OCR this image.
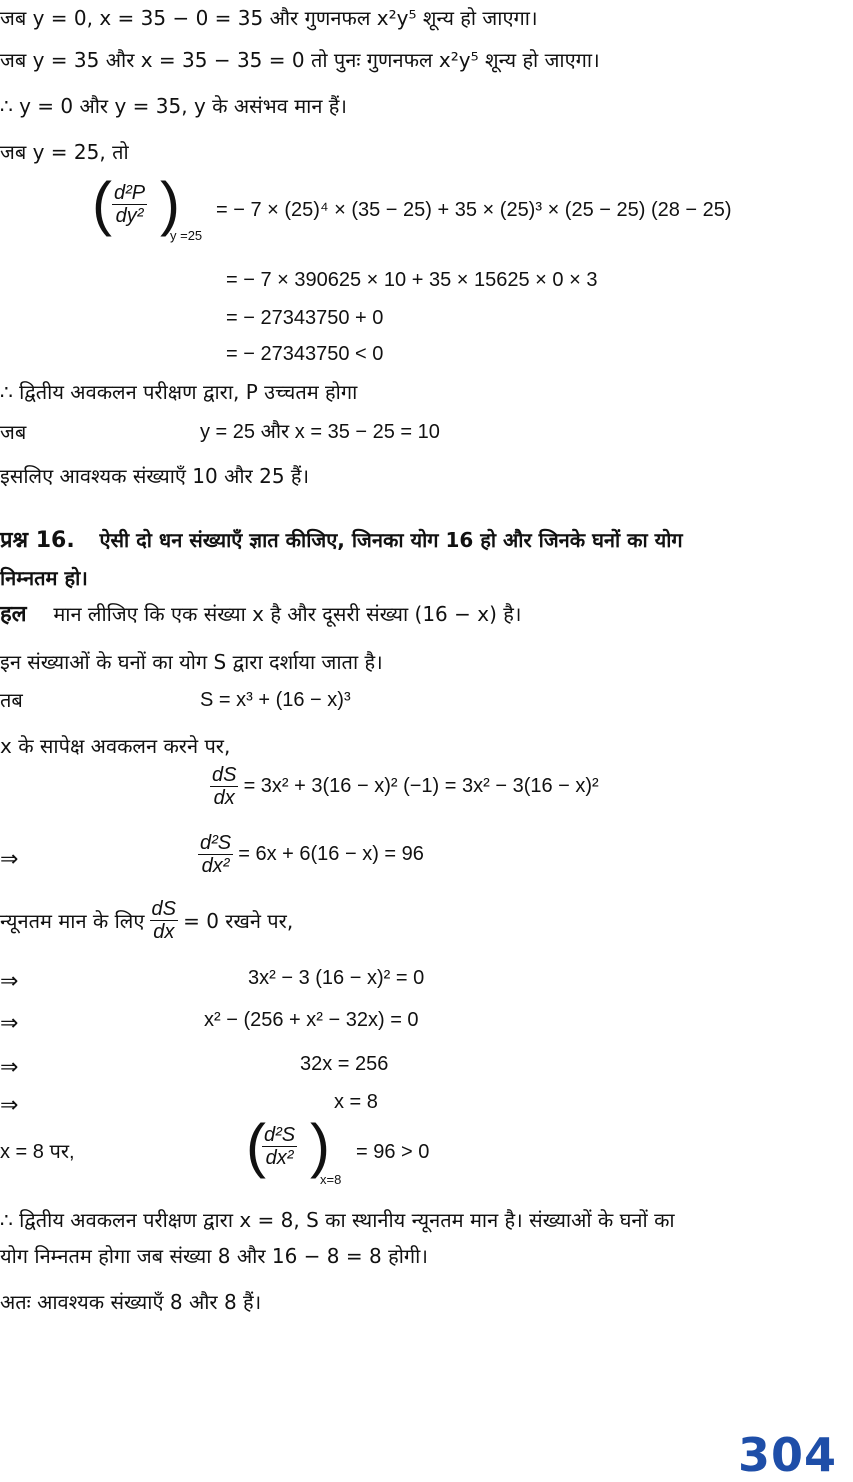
जब y = 0, x = 35 − 0 = 35 और गुणनफल x²y⁵ शून्य हो जाएगा।
जब y = 35 और x = 35 − 35 = 0 तो पुनः गुणनफल x²y⁵ शून्य हो जाएगा।
∴ y = 0 और y = 35, y के असंभव मान हैं।
जब y = 25, तो
( $\frac{\text{d²P}}{\text{dy²}}$ )
y =25
= − 7 × (25)⁴ × (35 − 25) + 35 × (25)³ × (25 − 25) (28 − 25)
= − 7 × 390625 × 10 + 35 × 15625 × 0 × 3
= − 27343750 + 0
= − 27343750 < 0
∴ द्वितीय अवकलन परीक्षण द्वारा, P उच्चतम होगा
जब	y = 25 और x = 35 − 25 = 10
इसलिए आवश्यक संख्याएँ 10 और 25 हैं।
प्रश्न 16. ऐसी दो धन संख्याएँ ज्ञात कीजिए, जिनका योग 16 हो और जिनके घनों का योग
निम्नतम हो।
हल मान लीजिए कि एक संख्या x है और दूसरी संख्या (16 − x) है।
इन संख्याओं के घनों का योग S द्वारा दर्शाया जाता है।
तब	S = x³ + (16 − x)³
x के सापेक्ष अवकलन करने पर,
$\frac{dS}{dx} = 3x^2 + 3(16 - x)^2$ (−1) = 3x² − 3(16 − x)²
⇒	$\frac{\text{d²S}}{\text{dx²}} = 6x + 6(16 - x) = 96$
न्यूनतम मान के लिए $\frac{dS}{dx} = 0$ रखने पर,
⇒	3x² − 3 (16 − x)² = 0
⇒	x² − (256 + x² − 32x) = 0
⇒	32x = 256
⇒	x = 8
x = 8 पर,	(
$\frac{\text{d²S}}{\text{dx²}}$ )
x=8
= 96 > 0
∴ द्वितीय अवकलन परीक्षण द्वारा x = 8, S का स्थानीय न्यूनतम मान है। संख्याओं के घनों का
योग निम्नतम होगा जब संख्या 8 और 16 − 8 = 8 होगी।
अतः आवश्यक संख्याएँ 8 और 8 हैं।
304
